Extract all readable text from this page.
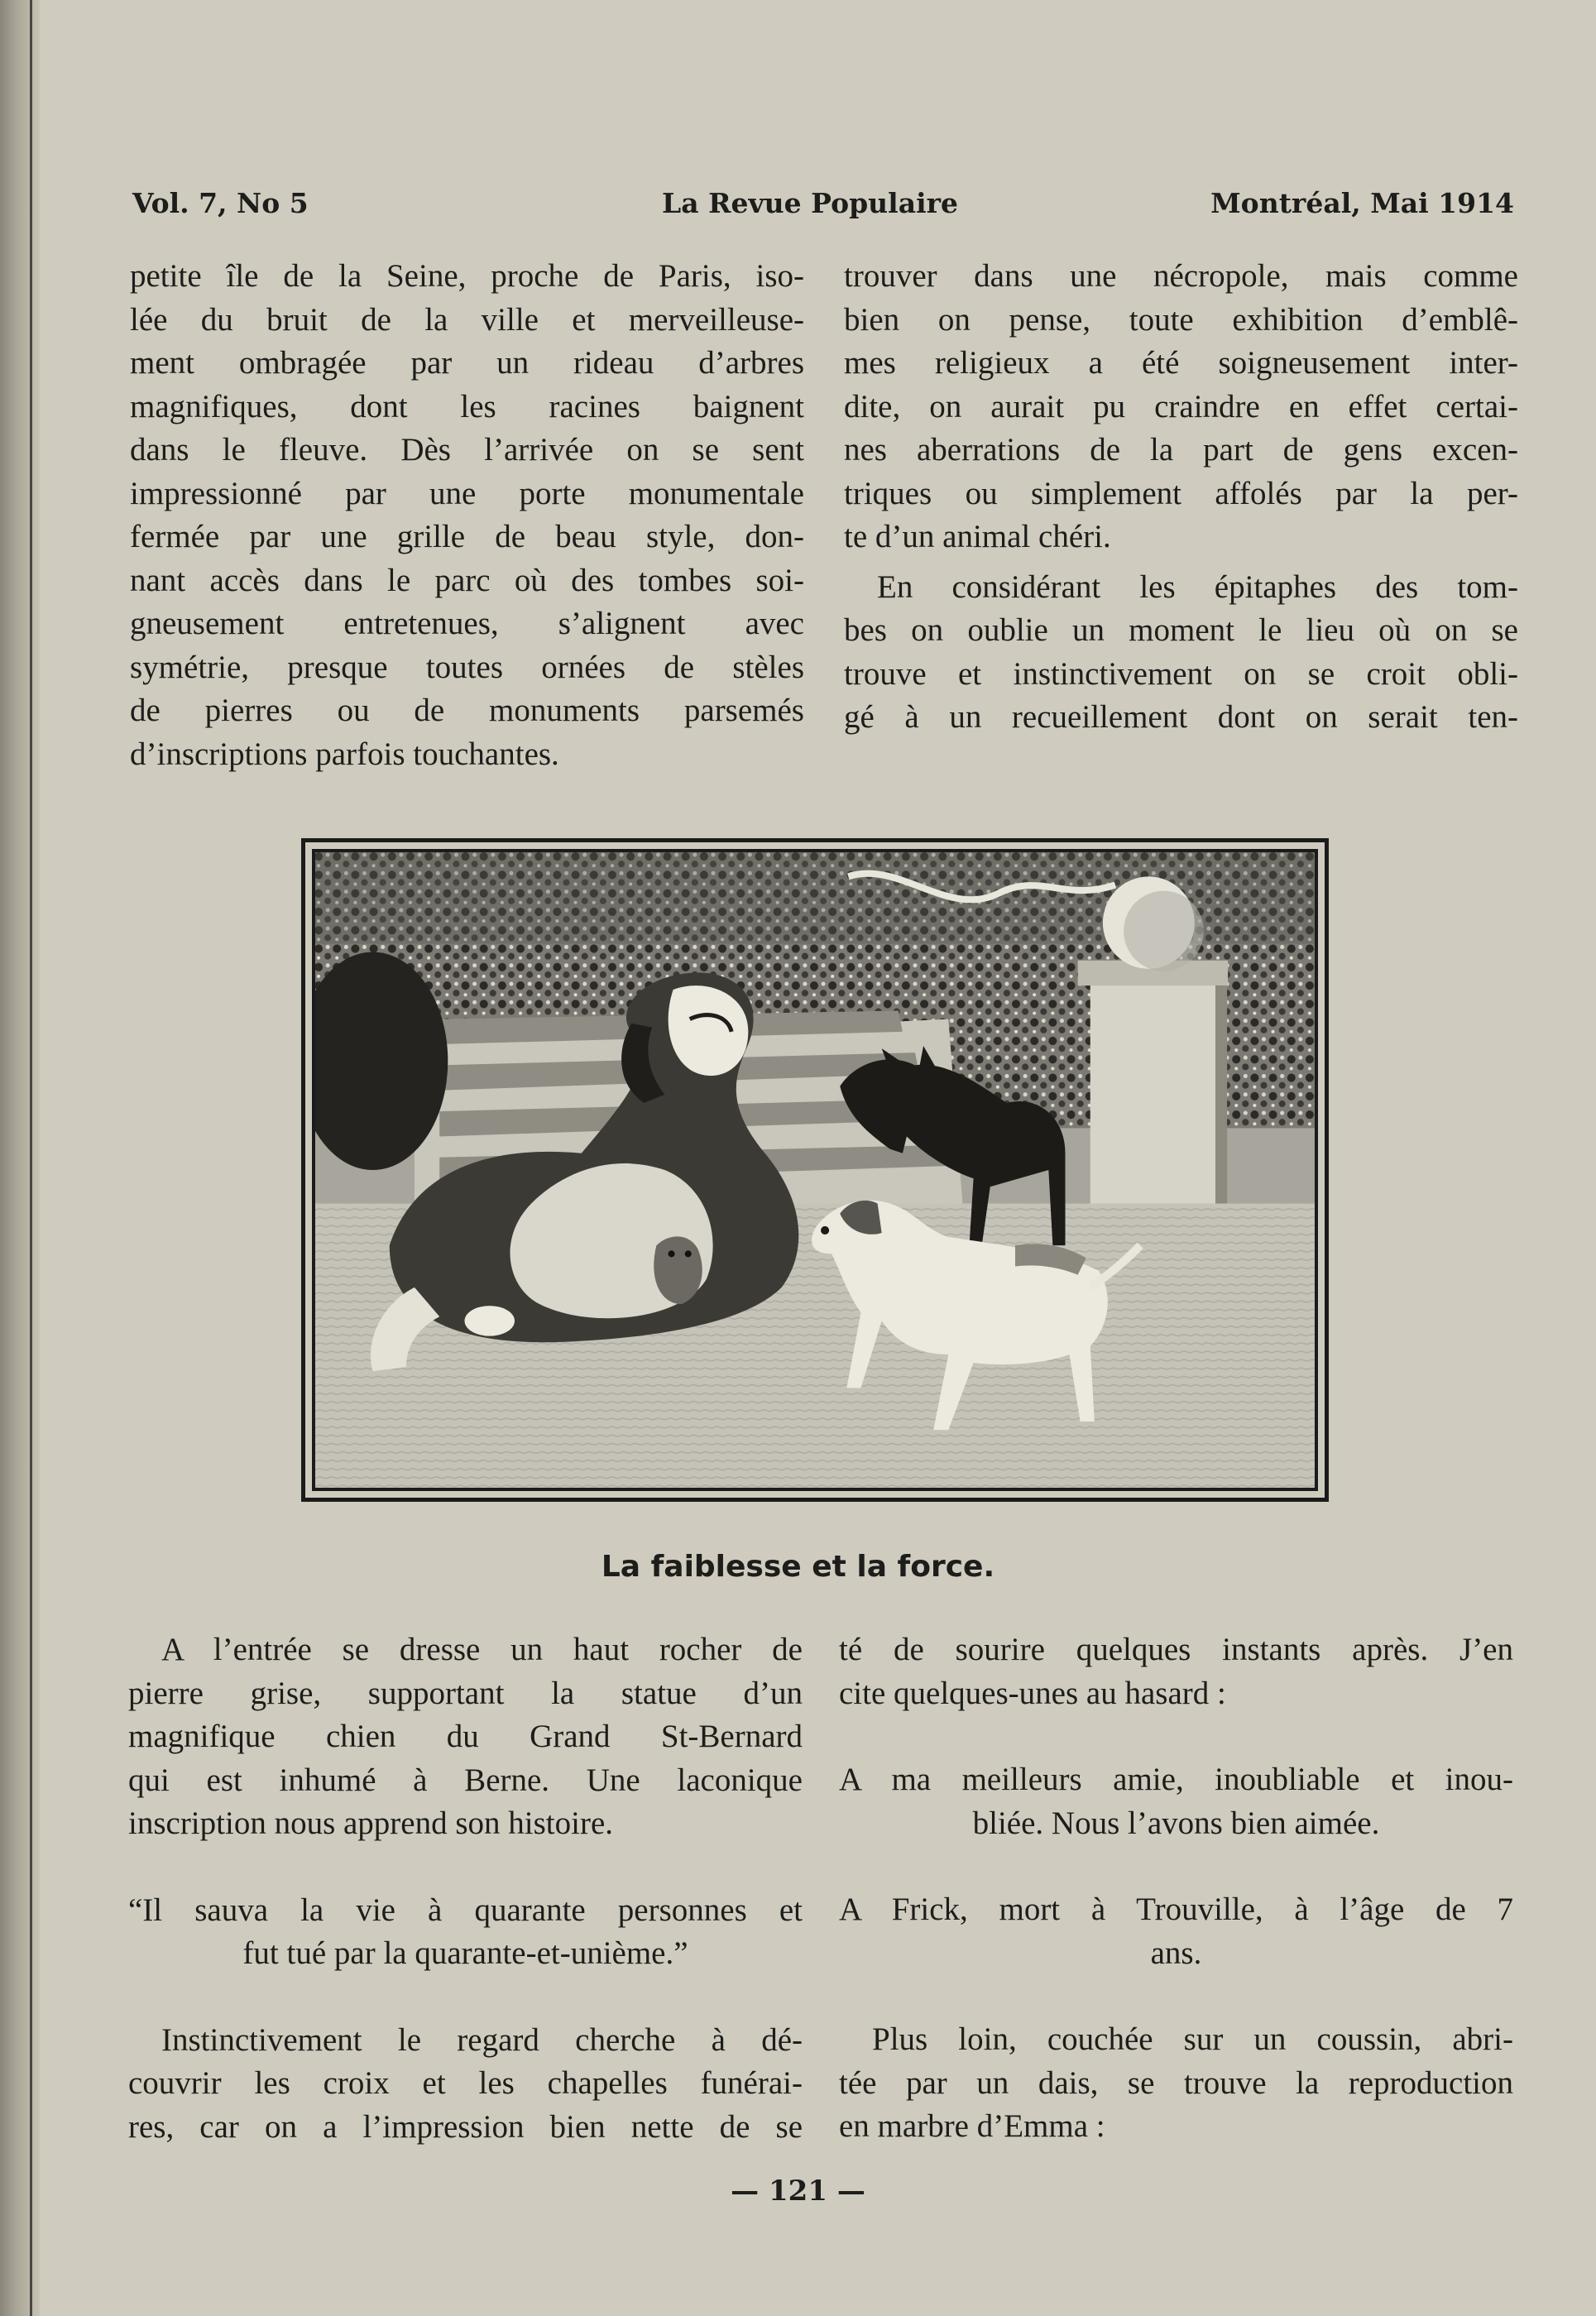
Vol. 7, No 5	La Revue Populaire	Montréal, Mai 1914

petite île de la Seine, proche de Paris, iso-
lée du bruit de la ville et merveilleuse-
ment ombragée par un rideau d’arbres
magnifiques, dont les racines baignent
dans le fleuve. Dès l’arrivée on se sent
impressionné par une porte monumentale
fermée par une grille de beau style, don-
nant accès dans le parc où des tombes soi-
gneusement entretenues, s’alignent avec
symétrie, presque toutes ornées de stèles
de pierres ou de monuments parsemés
d’inscriptions parfois touchantes.

trouver dans une nécropole, mais comme
bien on pense, toute exhibition d’emblê-
mes religieux a été soigneusement inter-
dite, on aurait pu craindre en effet certai-
nes aberrations de la part de gens excen-
triques ou simplement affolés par la per-
te d’un animal chéri.

En considérant les épitaphes des tom-
bes on oublie un moment le lieu où on se
trouve et instinctivement on se croit obli-
gé à un recueillement dont on serait ten-

La faiblesse et la force.

A l’entrée se dresse un haut rocher de
pierre grise, supportant la statue d’un
magnifique chien du Grand St-Bernard
qui est inhumé à Berne. Une laconique
inscription nous apprend son histoire.

“Il sauva la vie à quarante personnes et
fut tué par la quarante-et-unième.”

Instinctivement le regard cherche à dé-
couvrir les croix et les chapelles funérai-
res, car on a l’impression bien nette de se

té de sourire quelques instants après. J’en
cite quelques-unes au hasard :

A ma meilleurs amie, inoubliable et inou-
bliée. Nous l’avons bien aimée.

A Frick, mort à Trouville, à l’âge de 7
ans.

Plus loin, couchée sur un coussin, abri-
tée par un dais, se trouve la reproduction
en marbre d’Emma :

— 121 —
